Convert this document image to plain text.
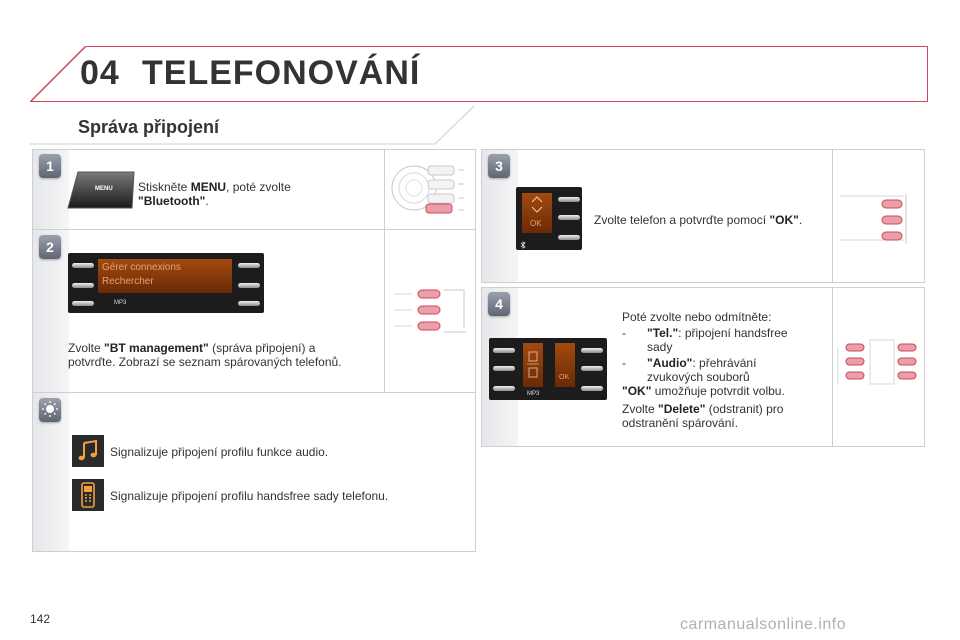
04 TELEFONOVÁNÍ
Správa připojení
1
MENU Stiskněte MENU, poté zvolte
"Bluetooth".
2
Gérer connexions
Rechercher
MP3
Zvolte "BT management" (správa připojení) a
potvrďte. Zobrazí se seznam spárovaných telefonů.
Signalizuje připojení profilu funkce audio.
Signalizuje připojení profilu handsfree sady telefonu.
3
OK	Zvolte telefon a potvrďte pomocí "OK".
4
OK
MP3
Poté zvolte nebo odmítněte:
-	"Tel.": připojení handsfree
sady
- "Audio": přehrávání
zvukových souborů
"OK" umožňuje potvrdit volbu.
Zvolte "Delete" (odstranit) pro
odstranění spárování.
142	carmanualsonline.info
